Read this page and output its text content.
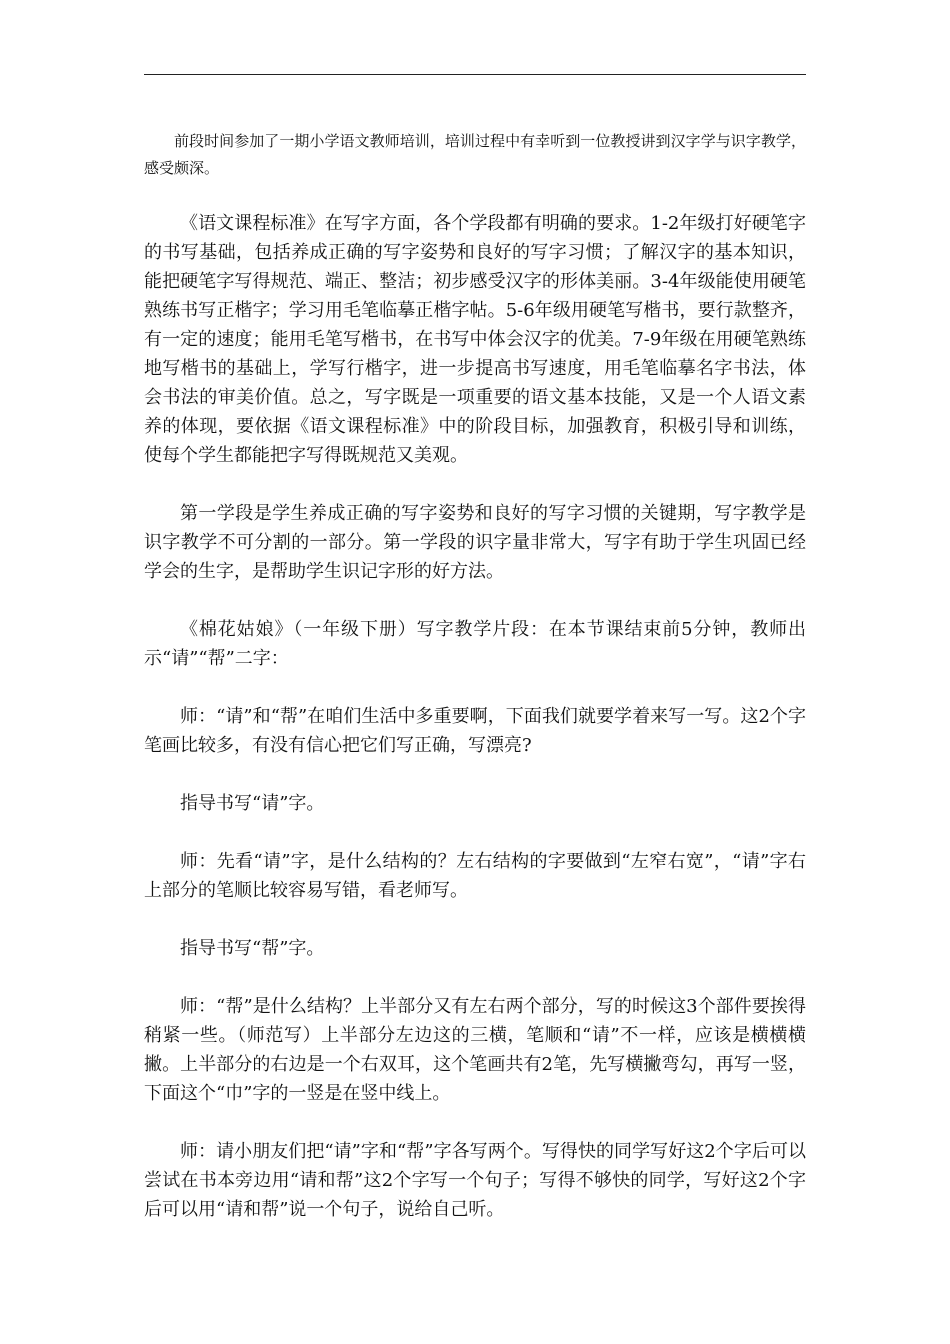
前段时间参加了一期小学语文教师培训，培训过程中有幸听到一位教授讲到汉字学与识字教学，感受颇深。

《语文课程标准》在写字方面，各个学段都有明确的要求。1-2年级打好硬笔字的书写基础，包括养成正确的写字姿势和良好的写字习惯；了解汉字的基本知识，能把硬笔字写得规范、端正、整洁；初步感受汉字的形体美丽。3-4年级能使用硬笔熟练书写正楷字；学习用毛笔临摹正楷字帖。5-6年级用硬笔写楷书，要行款整齐，有一定的速度；能用毛笔写楷书，在书写中体会汉字的优美。7-9年级在用硬笔熟练地写楷书的基础上，学写行楷字，进一步提高书写速度，用毛笔临摹名字书法，体会书法的审美价值。总之，写字既是一项重要的语文基本技能，又是一个人语文素养的体现，要依据《语文课程标准》中的阶段目标，加强教育，积极引导和训练，使每个学生都能把字写得既规范又美观。

第一学段是学生养成正确的写字姿势和良好的写字习惯的关键期，写字教学是识字教学不可分割的一部分。第一学段的识字量非常大，写字有助于学生巩固已经学会的生字，是帮助学生识记字形的好方法。

《棉花姑娘》（一年级下册）写字教学片段：在本节课结束前5分钟，教师出示“请”“帮”二字：

师：“请”和“帮”在咱们生活中多重要啊，下面我们就要学着来写一写。这2个字笔画比较多，有没有信心把它们写正确，写漂亮?

指导书写“请”字。

师：先看“请”字，是什么结构的？左右结构的字要做到“左窄右宽”，“请”字右上部分的笔顺比较容易写错，看老师写。

指导书写“帮”字。

师：“帮”是什么结构？上半部分又有左右两个部分，写的时候这3个部件要挨得稍紧一些。（师范写）上半部分左边这的三横，笔顺和“请”不一样，应该是横横横撇。上半部分的右边是一个右双耳，这个笔画共有2笔，先写横撇弯勾，再写一竖，下面这个“巾”字的一竖是在竖中线上。

师：请小朋友们把“请”字和“帮”字各写两个。写得快的同学写好这2个字后可以尝试在书本旁边用“请和帮”这2个字写一个句子；写得不够快的同学，写好这2个字后可以用“请和帮”说一个句子，说给自己听。
